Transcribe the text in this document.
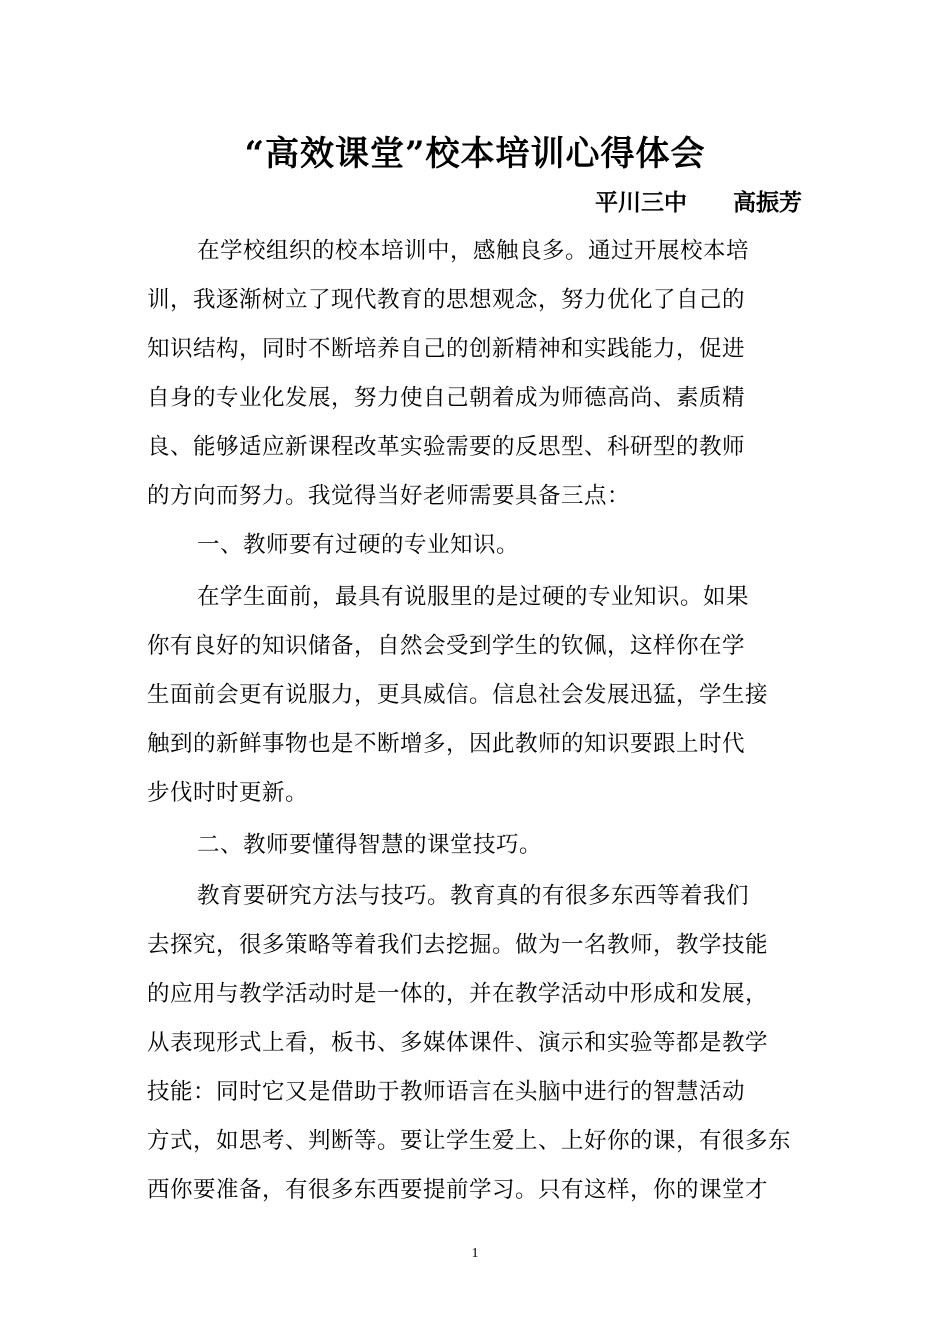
“高效课堂”校本培训心得体会
平川三中　　高振芳
在学校组织的校本培训中，感触良多。通过开展校本培
训，我逐渐树立了现代教育的思想观念，努力优化了自己的
知识结构，同时不断培养自己的创新精神和实践能力，促进
自身的专业化发展，努力使自己朝着成为师德高尚、素质精
良、能够适应新课程改革实验需要的反思型、科研型的教师
的方向而努力。我觉得当好老师需要具备三点：
一、教师要有过硬的专业知识。
在学生面前，最具有说服里的是过硬的专业知识。如果
你有良好的知识储备，自然会受到学生的钦佩，这样你在学
生面前会更有说服力，更具威信。信息社会发展迅猛，学生接
触到的新鲜事物也是不断增多，因此教师的知识要跟上时代
步伐时时更新。
二、教师要懂得智慧的课堂技巧。
教育要研究方法与技巧。教育真的有很多东西等着我们
去探究，很多策略等着我们去挖掘。做为一名教师，教学技能
的应用与教学活动时是一体的，并在教学活动中形成和发展，
从表现形式上看，板书、多媒体课件、演示和实验等都是教学
技能：同时它又是借助于教师语言在头脑中进行的智慧活动
方式，如思考、判断等。要让学生爱上、上好你的课，有很多东
西你要准备，有很多东西要提前学习。只有这样，你的课堂才
1
